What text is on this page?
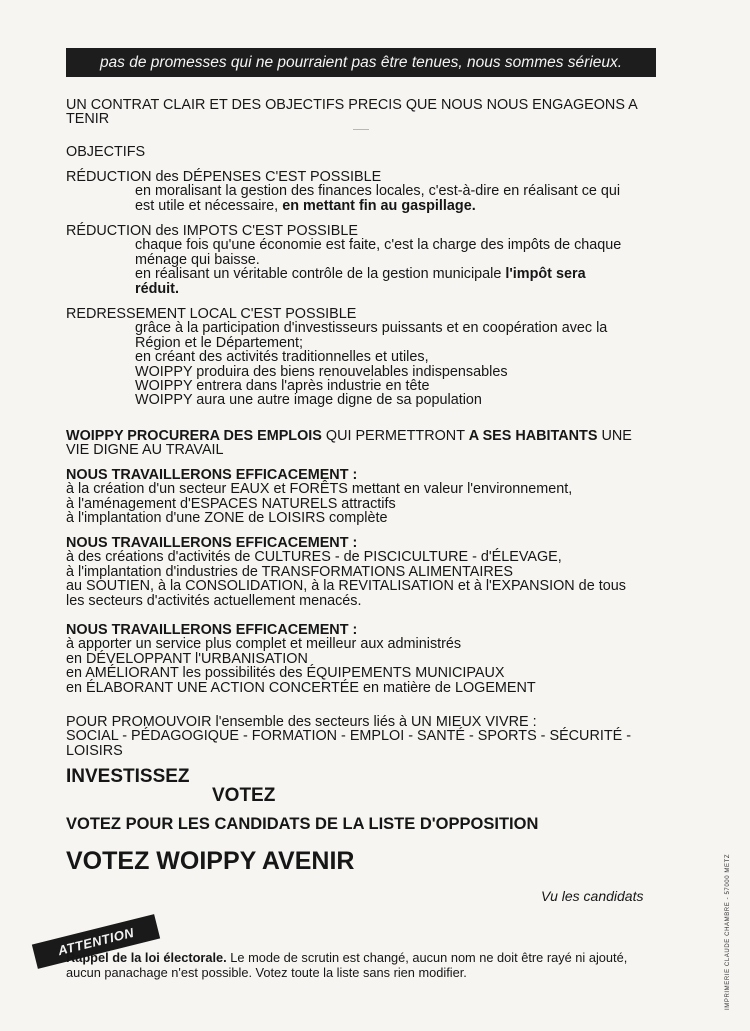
pas de promesses qui ne pourraient pas être tenues, nous sommes sérieux.
UN CONTRAT CLAIR ET DES OBJECTIFS PRECIS QUE NOUS NOUS ENGAGEONS A
TENIR
OBJECTIFS
RÉDUCTION des DÉPENSES C'EST POSSIBLE
en moralisant la gestion des finances locales, c'est-à-dire en réalisant ce qui
est utile et nécessaire, en mettant fin au gaspillage.
RÉDUCTION des IMPOTS C'EST POSSIBLE
chaque fois qu'une économie est faite, c'est la charge des impôts de chaque
ménage qui baisse.
en réalisant un véritable contrôle de la gestion municipale l'impôt sera
réduit.
REDRESSEMENT LOCAL C'EST POSSIBLE
grâce à la participation d'investisseurs puissants et en coopération avec la
Région et le Département;
en créant des activités traditionnelles et utiles,
WOIPPY produira des biens renouvelables indispensables
WOIPPY entrera dans l'après industrie en tête
WOIPPY aura une autre image digne de sa population
WOIPPY PROCURERA DES EMPLOIS QUI PERMETTRONT A SES HABITANTS UNE
VIE DIGNE AU TRAVAIL
NOUS TRAVAILLERONS EFFICACEMENT :
à la création d'un secteur EAUX et FORÊTS mettant en valeur l'environnement,
à l'aménagement d'ESPACES NATURELS attractifs
à l'implantation d'une ZONE de LOISIRS complète
NOUS TRAVAILLERONS EFFICACEMENT :
à des créations d'activités de CULTURES - de PISCICULTURE - d'ÉLEVAGE,
à l'implantation d'industries de TRANSFORMATIONS ALIMENTAIRES
au SOUTIEN, à la CONSOLIDATION, à la REVITALISATION et à l'EXPANSION de tous
les secteurs d'activités actuellement menacés.
NOUS TRAVAILLERONS EFFICACEMENT :
à apporter un service plus complet et meilleur aux administrés
en DÉVELOPPANT l'URBANISATION
en AMÉLIORANT les possibilités des ÉQUIPEMENTS MUNICIPAUX
en ÉLABORANT UNE ACTION CONCERTÉE en matière de LOGEMENT
POUR PROMOUVOIR l'ensemble des secteurs liés à UN MIEUX VIVRE :
SOCIAL - PÉDAGOGIQUE - FORMATION - EMPLOI - SANTÉ - SPORTS - SÉCURITÉ -
LOISIRS
INVESTISSEZ
VOTEZ
VOTEZ POUR LES CANDIDATS DE LA LISTE D'OPPOSITION
VOTEZ WOIPPY AVENIR
Vu les candidats
ATTENTION
Rappel de la loi électorale. Le mode de scrutin est changé, aucun nom ne doit être rayé ni ajouté,
aucun panachage n'est possible. Votez toute la liste sans rien modifier.	IMPRIMERIE CLAUDE CHAMBRE - 57000 METZ
